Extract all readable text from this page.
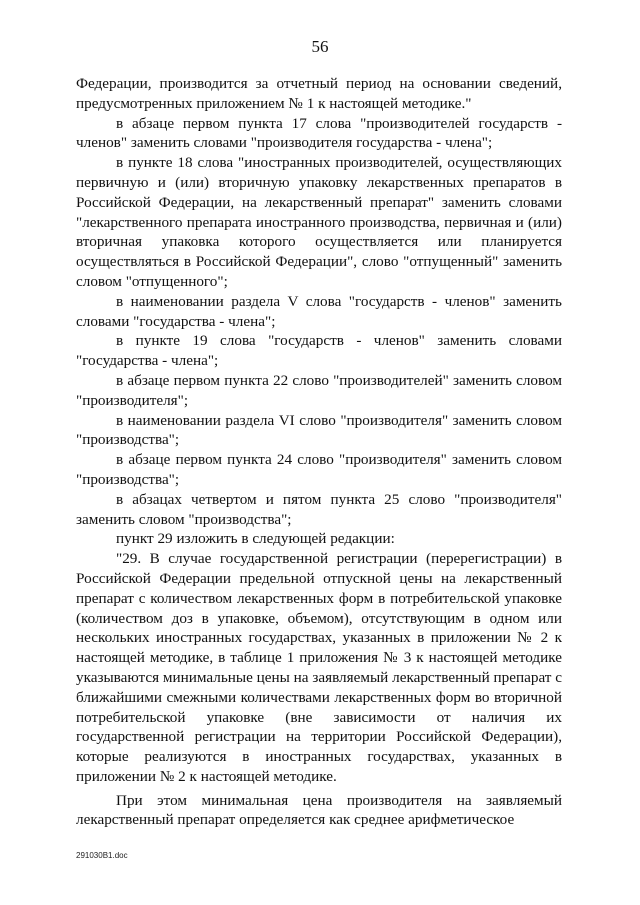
56

Федерации, производится за отчетный период на основании сведений, предусмотренных приложением № 1 к настоящей методике."

в абзаце первом пункта 17 слова "производителей государств - членов" заменить словами "производителя государства - члена";

в пункте 18 слова "иностранных производителей, осуществляющих первичную и (или) вторичную упаковку лекарственных препаратов в Российской Федерации, на лекарственный препарат" заменить словами "лекарственного препарата иностранного производства, первичная и (или) вторичная упаковка которого осуществляется или планируется осуществляться в Российской Федерации", слово "отпущенный" заменить словом "отпущенного";

в наименовании раздела V слова "государств - членов" заменить словами "государства - члена";

в пункте 19 слова "государств - членов" заменить словами "государства - члена";

в абзаце первом пункта 22 слово "производителей" заменить словом "производителя";

в наименовании раздела VI слово "производителя" заменить словом "производства";

в абзаце первом пункта 24 слово "производителя" заменить словом "производства";

в абзацах четвертом и пятом пункта 25 слово "производителя" заменить словом "производства";

пункт 29 изложить в следующей редакции:

"29. В случае государственной регистрации (перерегистрации) в Российской Федерации предельной отпускной цены на лекарственный препарат с количеством лекарственных форм в потребительской упаковке (количеством доз в упаковке, объемом), отсутствующим в одном или нескольких иностранных государствах, указанных в приложении № 2 к настоящей методике, в таблице 1 приложения № 3 к настоящей методике указываются минимальные цены на заявляемый лекарственный препарат с ближайшими смежными количествами лекарственных форм во вторичной потребительской упаковке (вне зависимости от наличия их государственной регистрации на территории Российской Федерации), которые реализуются в иностранных государствах, указанных в приложении № 2 к настоящей методике.

При этом минимальная цена производителя на заявляемый лекарственный препарат определяется как среднее арифметическое

291030B1.doc
